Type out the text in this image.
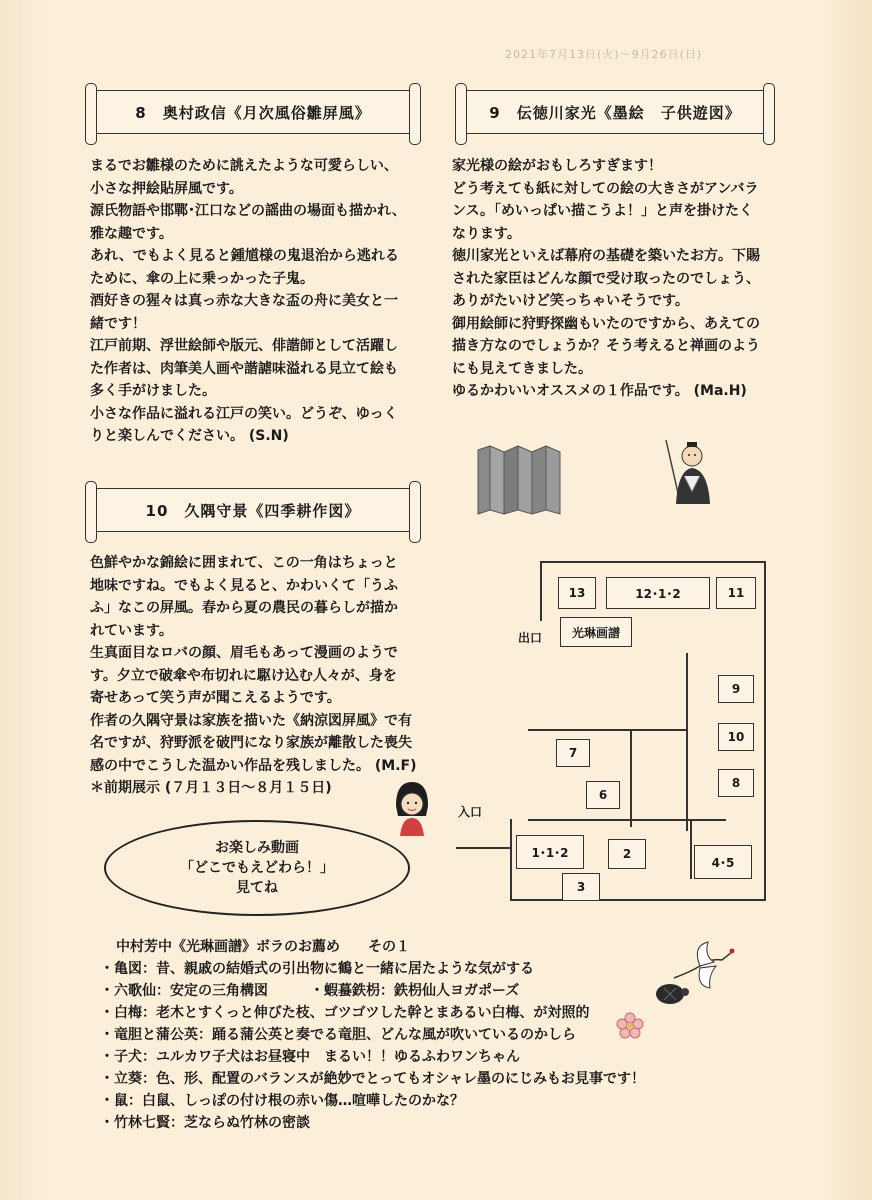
2021年7月13日(火)〜9月26日(日)

8　奥村政信《月次風俗雛屏風》	9　伝徳川家光《墨絵　子供遊図》
10　久隅守景《四季耕作図》

まるでお雛様のために誂えたような可愛らしい、

小さな押絵貼屏風です。

源氏物語や邯鄲･江口などの謡曲の場面も描かれ、

雅な趣です。

あれ、でもよく見ると鍾馗様の鬼退治から逃れる

ために、傘の上に乗っかった子鬼。

酒好きの猩々は真っ赤な大きな盃の舟に美女と一

緒です！

江戸前期、浮世絵師や版元、俳諧師として活躍し

た作者は、肉筆美人画や諧謔味溢れる見立て絵も

多く手がけました。

小さな作品に溢れる江戸の笑い。どうぞ、ゆっく

りと楽しんでください。 (S.N)

家光様の絵がおもしろすぎます！

どう考えても紙に対しての絵の大きさがアンバラ

ンス。「めいっぱい描こうよ！」と声を掛けたく

なります。

徳川家光といえば幕府の基礎を築いたお方。下賜

された家臣はどんな顔で受け取ったのでしょう、

ありがたいけど笑っちゃいそうです。

御用絵師に狩野探幽もいたのですから、あえての

描き方なのでしょうか？そう考えると禅画のよう

にも見えてきました。

ゆるかわいいオススメの１作品です。 (Ma.H)

色鮮やかな錦絵に囲まれて、この一角はちょっと

地味ですね。でもよく見ると、かわいくて「うふ

ふ」なこの屏風。春から夏の農民の暮らしが描か

れています。

生真面目なロバの顔、眉毛もあって漫画のようで

す。夕立で破傘や布切れに駆け込む人々が、身を

寄せあって笑う声が聞こえるようです。

作者の久隅守景は家族を描いた《納涼図屏風》で有

名ですが、狩野派を破門になり家族が離散した喪失

感の中でこうした温かい作品を残しました。 (M.F)

＊前期展示 (７月１３日～８月１５日)

13	12･1･2	11
光琳画譜
9
10
8
7
6
1･1･2	2
4･5
3
出口
入口
お楽しみ動画
「どこでもえどわら！」
見てね

中村芳中《光琳画譜》ボラのお薦め　　その１

・亀図：昔、親戚の結婚式の引出物に鶴と一緒に居たような気がする

・六歌仙：安定の三角構図　　　・蝦蟇鉄枴：鉄枴仙人ヨガポーズ

・白梅：老木とすくっと伸びた枝、ゴツゴツした幹とまあるい白梅、が対照的

・竜胆と蒲公英：踊る蒲公英と奏でる竜胆、どんな風が吹いているのかしら

・子犬：ユルカワ子犬はお昼寝中　まるい！！ゆるふわワンちゃん

・立葵：色、形、配置のバランスが絶妙でとってもオシャレ墨のにじみもお見事です！

・鼠：白鼠、しっぽの付け根の赤い傷…喧嘩したのかな？

・竹林七賢：芝ならぬ竹林の密談
